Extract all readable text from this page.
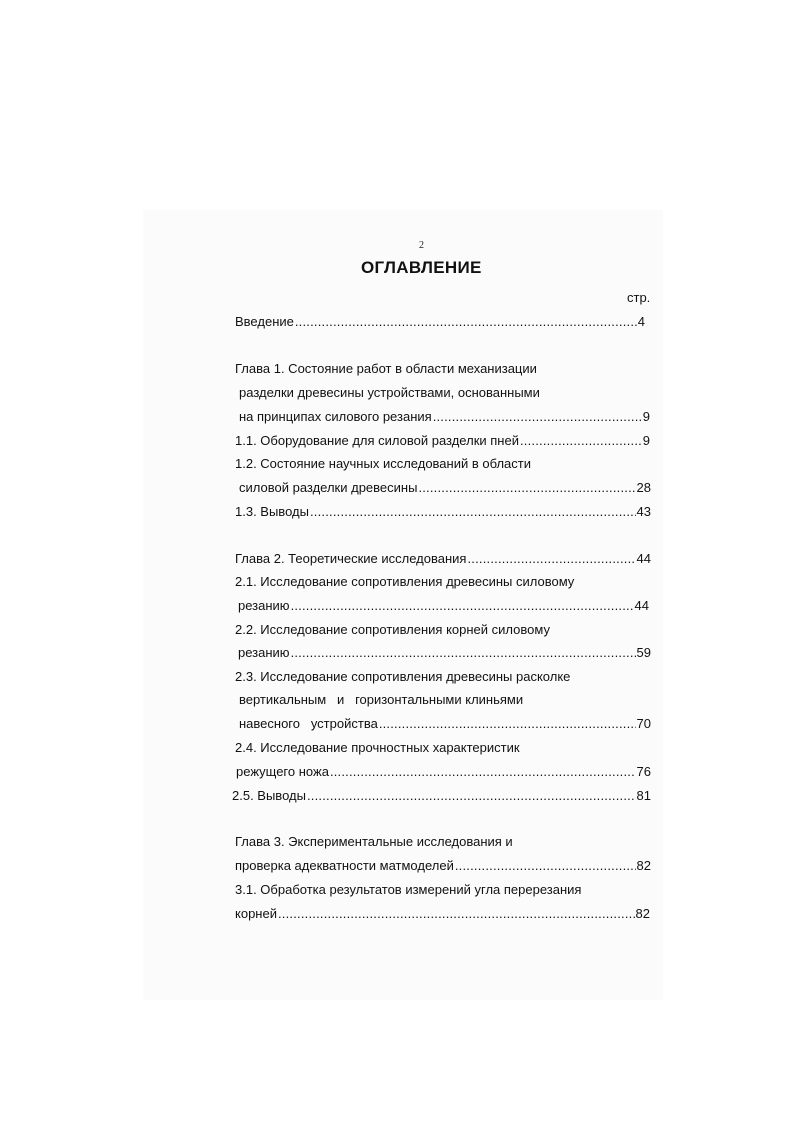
2
ОГЛАВЛЕНИЕ
стр.
Введение .....	4
Глава 1. Состояние работ в области механизации
разделки древесины устройствами, основанными
на принципах силового резания .....	9
1.1. Оборудование для силовой разделки пней .....	9
1.2. Состояние научных исследований в области
силовой разделки древесины .....	28
1.3. Выводы .....	43
Глава 2. Теоретические исследования .....	44
2.1. Исследование сопротивления древесины силовому
резанию .....	44
2.2. Исследование сопротивления корней силовому
резанию .....	59
2.3. Исследование сопротивления древесины расколке
вертикальным   и   горизонтальными клиньями
навесного   устройства .....	70
2.4. Исследование прочностных характеристик
режущего ножа .....	76
2.5. Выводы .....	81
Глава 3. Экспериментальные исследования и
проверка адекватности матмоделей .....	82
3.1. Обработка результатов измерений угла перерезания
корней .....	82
